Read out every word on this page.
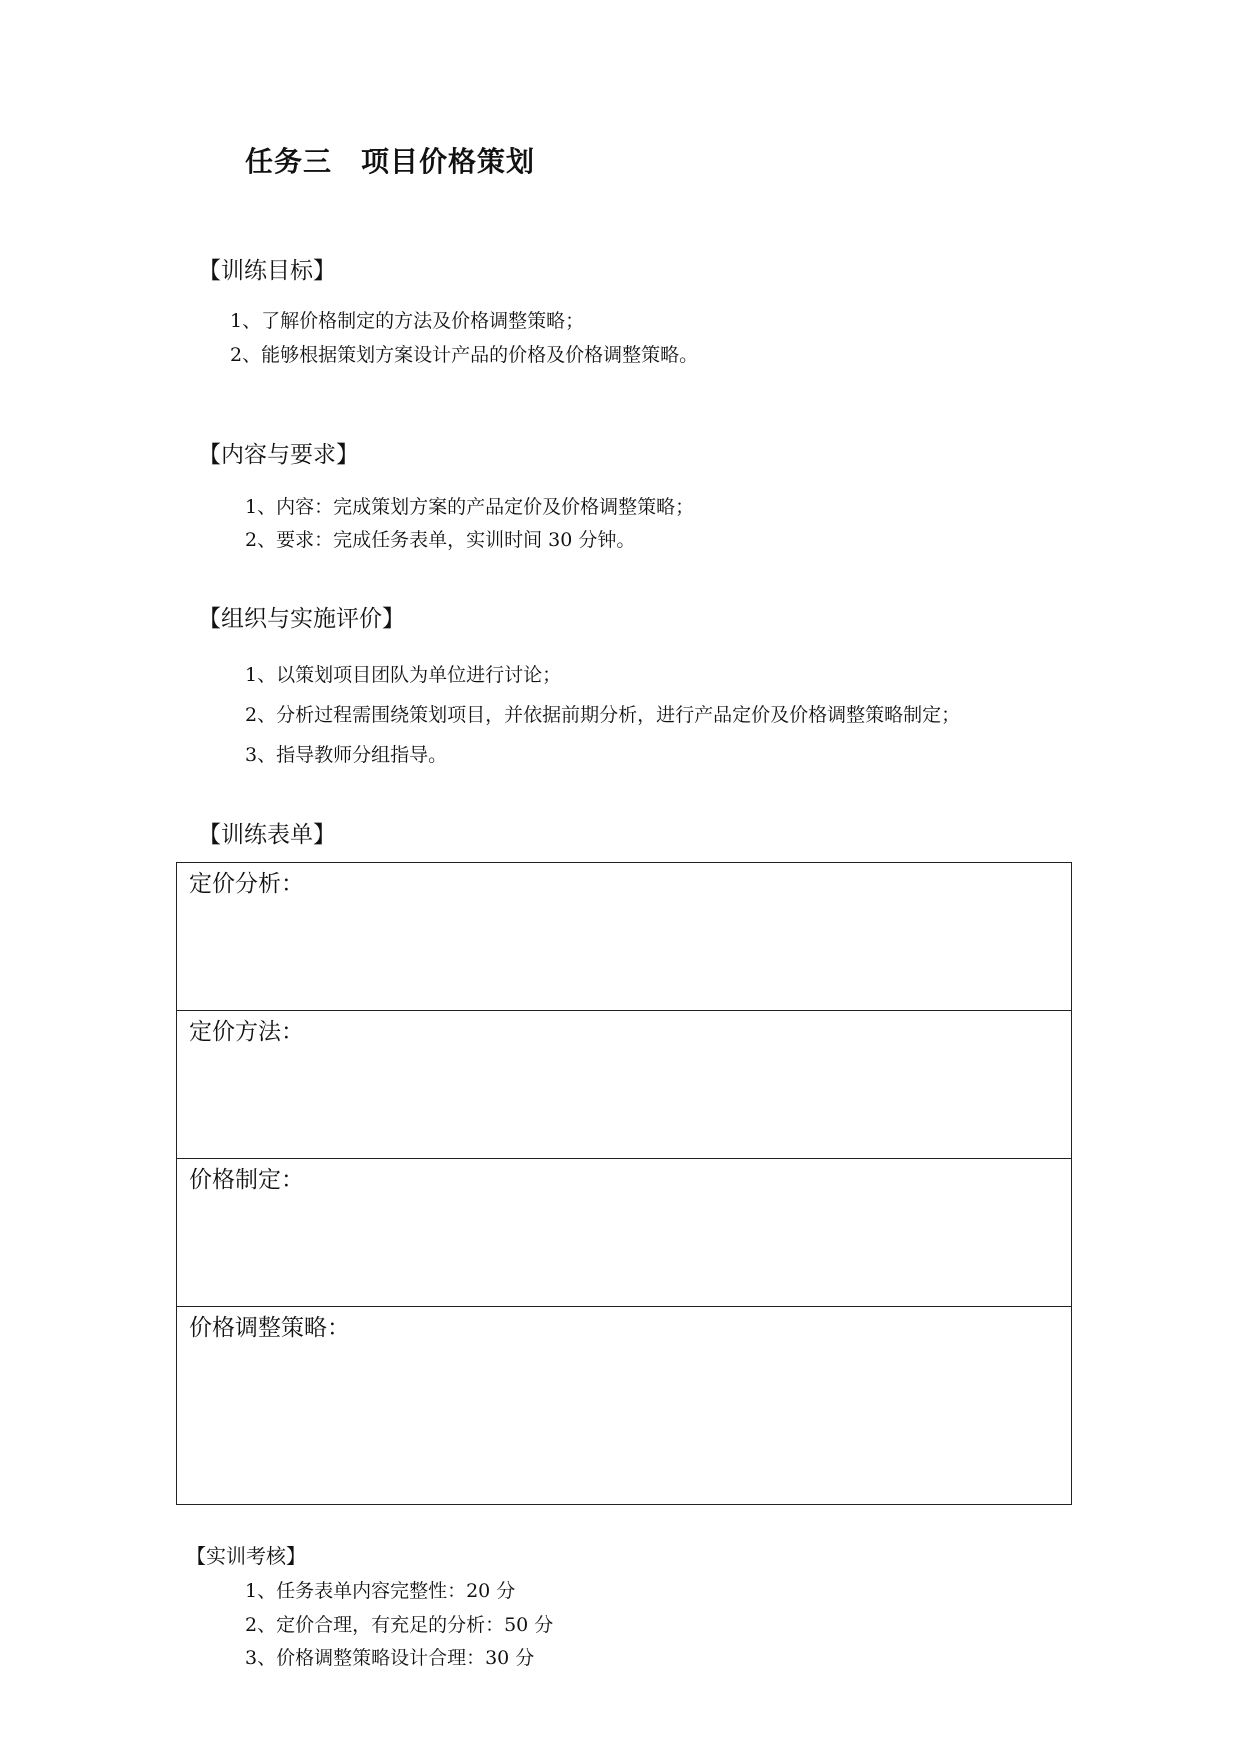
任务三　项目价格策划
【训练目标】
1、了解价格制定的方法及价格调整策略；
2、能够根据策划方案设计产品的价格及价格调整策略。
【内容与要求】
1、内容：完成策划方案的产品定价及价格调整策略；
2、要求：完成任务表单，实训时间 30 分钟。
【组织与实施评价】
1、以策划项目团队为单位进行讨论；
2、分析过程需围绕策划项目，并依据前期分析，进行产品定价及价格调整策略制定；
3、指导教师分组指导。
【训练表单】
定价分析：
定价方法：
价格制定：
价格调整策略：
【实训考核】
1、任务表单内容完整性：20 分
2、定价合理，有充足的分析：50 分
3、价格调整策略设计合理：30 分
